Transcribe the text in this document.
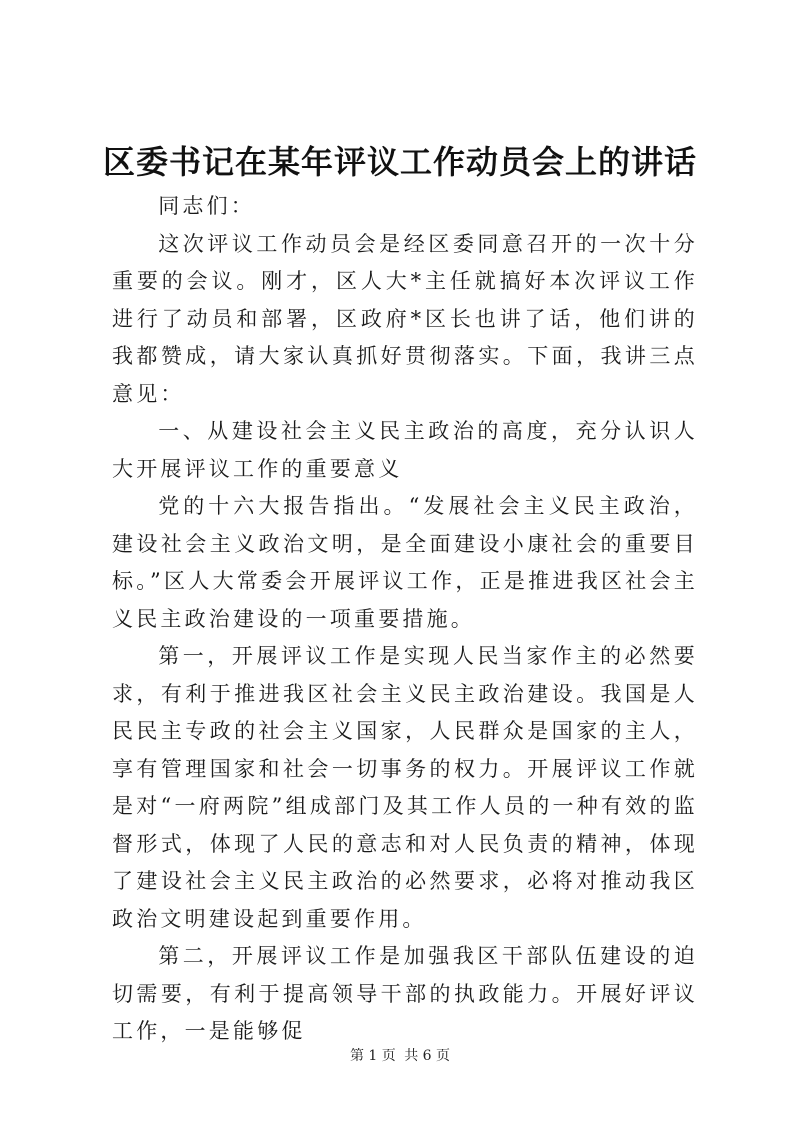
区委书记在某年评议工作动员会上的讲话

同志们：

这次评议工作动员会是经区委同意召开的一次十分重要的会议。刚才，区人大*主任就搞好本次评议工作进行了动员和部署，区政府*区长也讲了话，他们讲的我都赞成，请大家认真抓好贯彻落实。下面，我讲三点意见：

一、从建设社会主义民主政治的高度，充分认识人大开展评议工作的重要意义

党的十六大报告指出。“发展社会主义民主政治，建设社会主义政治文明，是全面建设小康社会的重要目标。”区人大常委会开展评议工作，正是推进我区社会主义民主政治建设的一项重要措施。

第一，开展评议工作是实现人民当家作主的必然要求，有利于推进我区社会主义民主政治建设。我国是人民民主专政的社会主义国家，人民群众是国家的主人，享有管理国家和社会一切事务的权力。开展评议工作就是对“一府两院”组成部门及其工作人员的一种有效的监督形式，体现了人民的意志和对人民负责的精神，体现了建设社会主义民主政治的必然要求，必将对推动我区政治文明建设起到重要作用。

第二，开展评议工作是加强我区干部队伍建设的迫切需要，有利于提高领导干部的执政能力。开展好评议工作，一是能够促

第 1 页 共 6 页
